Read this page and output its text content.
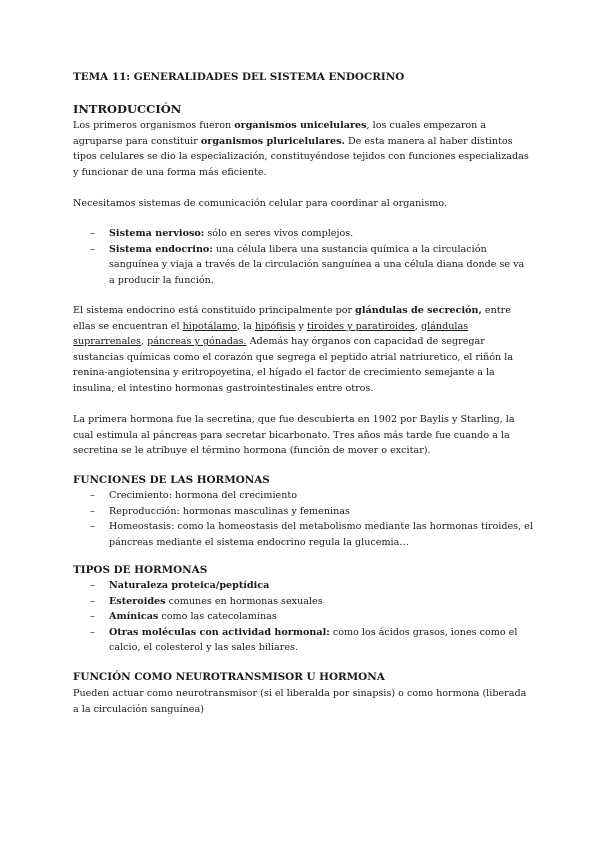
TEMA 11: GENERALIDADES DEL SISTEMA ENDOCRINO

INTRODUCCIÓN

Los primeros organismos fueron organismos unicelulares, los cuales empezaron a agruparse para constituir organismos pluricelulares. De esta manera al haber distintos tipos celulares se dio la especialización, constituyéndose tejidos con funciones especializadas y funcionar de una forma más eficiente.

Necesitamos sistemas de comunicación celular para coordinar al organismo.

– Sistema nervioso: sólo en seres vivos complejos.
– Sistema endocrino: una célula libera una sustancia química a la circulación sanguínea y viaja a través de la circulación sanguínea a una célula diana donde se va a producir la función.

El sistema endocrino está constituido principalmente por glándulas de secreción, entre ellas se encuentran el hipotálamo, la hipófisis y tiroides y paratiroides, glándulas suprarrenales, páncreas y gónadas. Además hay órganos con capacidad de segregar sustancias químicas como el corazón que segrega el peptido atrial natriuretico, el riñón la renina-angiotensina y eritropoyetina, el hígado el factor de crecimiento semejante a la insulina, el intestino hormonas gastrointestinales entre otros.

La primera hormona fue la secretina, que fue descubierta en 1902 por Baylis y Starling, la cual estimula al páncreas para secretar bicarbonato. Tres años más tarde fue cuando a la secretina se le atribuye el término hormona (función de mover o excitar).

FUNCIONES DE LAS HORMONAS

– Crecimiento: hormona del crecimiento
– Reproducción: hormonas masculinas y femeninas
– Homeostasis: como la homeostasis del metabolismo mediante las hormonas tiroides, el páncreas mediante el sistema endocrino regula la glucemia…

TIPOS DE HORMONAS

– Naturaleza proteica/peptídica
– Esteroides comunes en hormonas sexuales
– Amínicas como las catecolaminas
– Otras moléculas con actividad hormonal: como los ácidos grasos, iones como el calcio, el colesterol y las sales biliares.

FUNCIÓN COMO NEUROTRANSMISOR U HORMONA

Pueden actuar como neurotransmisor (si el liberalda por sinapsis) o como hormona (liberada a la circulación sanguínea)
